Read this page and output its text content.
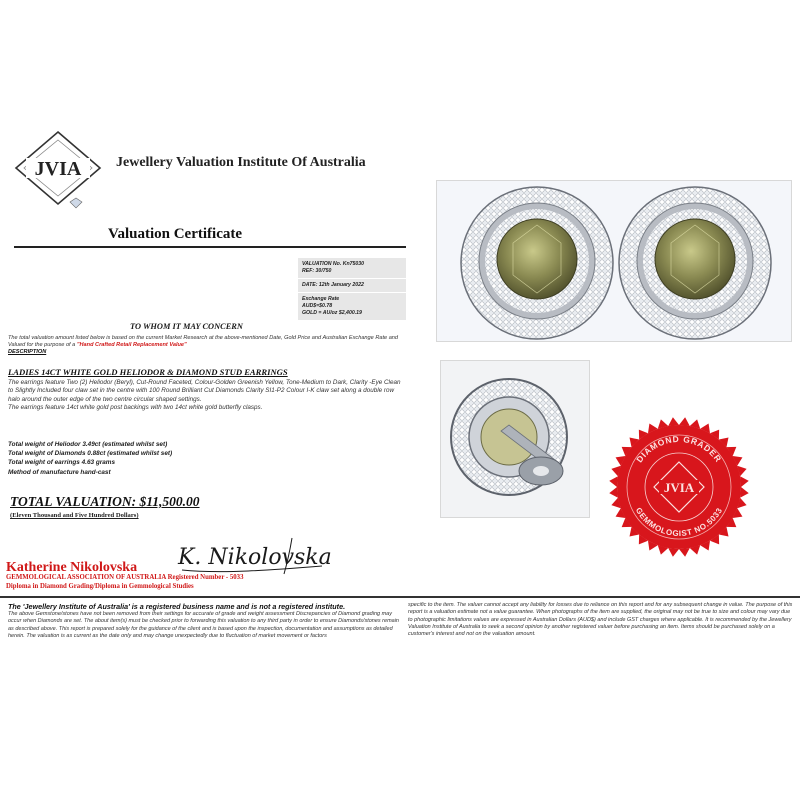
JVIA Jewellery Valuation Institute Of Australia
Valuation Certificate
VALUATION No. Kn75030
REF: 30/750
DATE: 12th January 2022
Exchange Rate
AUD$=$0.78
GOLD = AU/oz $2,400.19
TO WHOM IT MAY CONCERN
The total valuation amount listed below is based on the current Market Research at the above-mentioned Date, Gold Price and Australian Exchange Rate and Valued for the purpose of a "Hand Crafted Retail Replacement Value"
DESCRIPTION
LADIES 14CT WHITE GOLD HELIODOR & DIAMOND STUD EARRINGS

The earrings feature Two (2) Heliodor (Beryl), Cut-Round Faceted, Colour-Golden Greenish Yellow, Tone-Medium to Dark, Clarity -Eye Clean to Slightly Included four claw set in the centre with 100 Round Brilliant Cut Diamonds Clarity SI1-P2 Colour I-K claw set along a double row halo around the outer edge of the two centre circular shaped settings.

The earrings feature 14ct white gold post backings with two 14ct white gold butterfly clasps.

Total weight of Heliodor 3.49ct (estimated whilst set)
Total weight of Diamonds 0.88ct (estimated whilst set)
Total weight of earrings 4.63 grams
Method of manufacture hand-cast
TOTAL VALUATION: $11,500.00
(Eleven Thousand and Five Hundred Dollars)
Katherine Nikolovska K. Nikolovska
GEMMOLOGICAL ASSOCIATION OF AUSTRALIA Registered Number - 5033
Diploma in Diamond Grading/Diploma in Gemmological Studies
DIAMOND GRADER
GEMMOLOGIST NO.5033
JVIA
The 'Jewellery Institute of Australia' is a registered business name and is not a registered institute.
The above Gemstone/stones have not been removed from their settings for accurate of grade and weight assessment Discrepancies of Diamond grading may occur when Diamonds are set. The about item(s) must be checked prior to forwarding this valuation to any third party in order to ensure Diamonds/stones remain as described above. This report is prepared solely for the guidance of the client and is based upon the inspection, documentation and assumptions as detailed herein. The valuation is as current as the date only and may change unexpectedly due to fluctuation of market movement or factors
specific to the item. The valuer cannot accept any liability for losses due to reliance on this report and for any subsequent change in value. The purpose of this report is a valuation estimate not a value guarantee. When photographs of the item are supplied, the original may not be true to size and colour may vary due to photographic limitations values are expressed in Australian Dollars (AUD$) and include GST charges where applicable. It is recommended by the Jewellery Valuation Institute of Australia to seek a second opinion by another registered valuer before purchasing an item. Items should be purchased solely on a customer's interest and not on the valuation amount.
